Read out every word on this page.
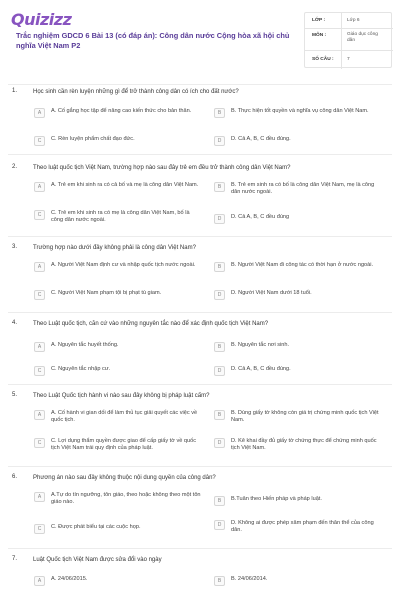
Quizizz
Trắc nghiệm GDCD 6 Bài 13 (có đáp án): Công dân nước Cộng hòa xã hội chủ nghĩa Việt Nam P2
LỚP :	Lớp 6
MÔN :	Giáo dục công dân
SỐ CÂU :	7
1.	Học sinh cần rèn luyện những gì để trở thành công dân có ích cho đất nước?
A	A. Cố gắng học tập để nâng cao kiến thức cho bản thân.	B	B. Thực hiện tốt quyền và nghĩa vụ công dân Việt Nam.
C	C. Rèn luyện phẩm chất đạo đức.	D	D. Cả A, B, C đều đúng.
2.	Theo luật quốc tịch Việt Nam, trường hợp nào sau đây trẻ em đều trở thành công dân Việt Nam?
A	A. Trẻ em khi sinh ra có cả bố và mẹ là công dân Việt Nam.	B	B. Trẻ em sinh ra có bố là công dân Việt Nam, mẹ là công dân nước ngoài.
C	C. Trẻ em khi sinh ra có mẹ là công dân Việt Nam, bố là công dân nước ngoài.	D	D. Cả A, B, C đều đúng
3.	Trường hợp nào dưới đây không phải là công dân Việt Nam?
A	A. Người Việt Nam định cư và nhập quốc tịch nước ngoài.	B	B. Người Việt Nam đi công tác có thời hạn ở nước ngoài.
C	C. Người Việt Nam phạm tội bị phạt tù giam.	D	D. Người Việt Nam dưới 18 tuổi.
4.	Theo Luật quốc tịch, căn cứ vào những nguyên tắc nào để xác định quốc tịch Việt Nam?
A	A. Nguyên tắc huyết thống.	B	B. Nguyên tắc nơi sinh.
C	C. Nguyên tắc nhập cư.	D	D. Cả A, B, C đều đúng.
5.	Theo Luật Quốc tịch hành vi nào sau đây không bị pháp luật cấm?
A	A. Cố hành vi gian dối để làm thủ tục giải quyết các việc về quốc tịch.
B	B. Dùng giấy tờ không còn giá trị chứng minh quốc tịch Việt Nam.
C	C. Lợi dụng thẩm quyền được giao để cấp giấy tờ về quốc tịch Việt Nam trái quy định của pháp luật.
D	D. Kê khai đầy đủ giấy tờ chứng thực để chứng minh quốc tịch Việt Nam.
6.	Phương án nào sau đây không thuộc nội dung quyền của công dân?
A	A.Tự do tín ngưỡng, tôn giáo, theo hoặc không theo một tôn giáo nào.	B	B.Tuân theo Hiến pháp và pháp luật.
C	C. Được phát biểu tại các cuộc họp.	D	D. Không ai được phép xâm phạm đến thân thể của công dân.
7.	Luật Quốc tịch Việt Nam được sửa đổi vào ngày
A	A. 24/06/2015.	B	B. 24/06/2014.
